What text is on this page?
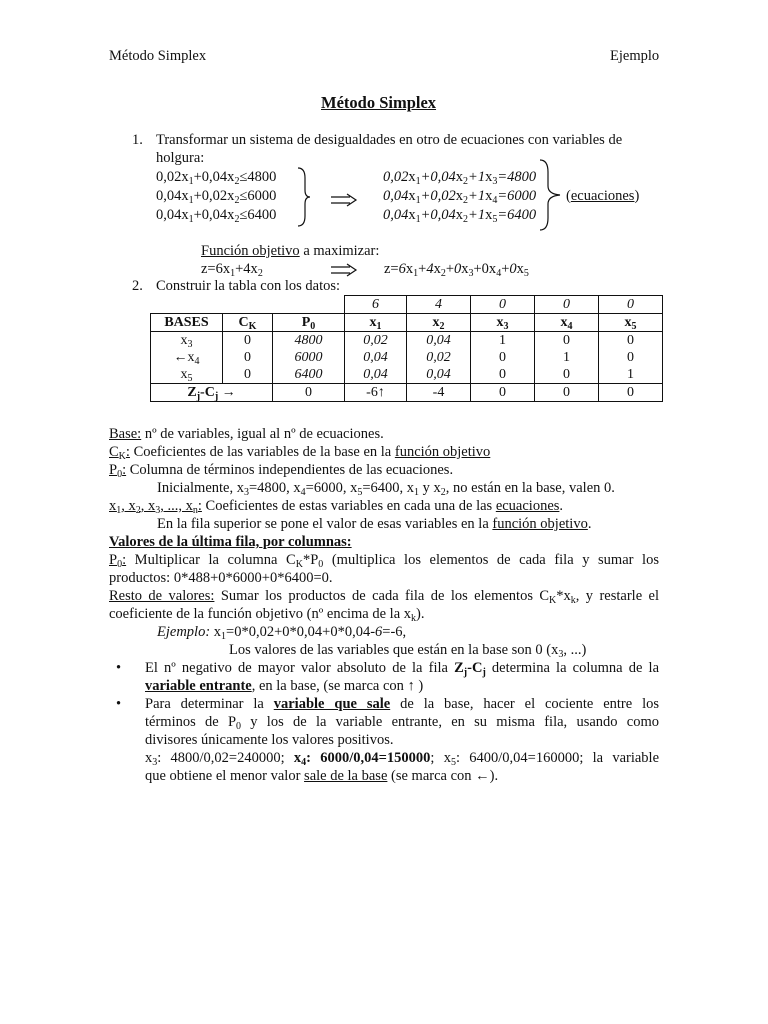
Método Simplex	Ejemplo
Método Simplex
1. Transformar un sistema de desigualdades en otro de ecuaciones con variables de
holgura:
$0,02x_1+0,04x_2\le 4800$
$0,04x_1+0,02x_2\le 6000$
$0,04x_1+0,04x_2\le 6400$
$0,02x_1+0,04x_2+1x_3=4800$
$0,04x_1+0,02x_2+1x_4=6000$
$0,04x_1+0,04x_2+1x_5=6400$
(ecuaciones)
Función objetivo a maximizar:
$z=6x_1+4x_2$	$z=6x_1+4x_2+0x_3+0x_4+0x_5$
2. Construir la tabla con los datos:
			6	4	0	0	0
BASES	$C_K$	$P_0$	$x_1$	$x_2$	$x_3$	$x_4$	$x_5$
$x_3$	0	4800	0,02	0,04	1	0	0
$\leftarrow x_4$	0	6000	0,04	0,02	0	1	0
$x_5$	0	6400	0,04	0,04	0	0	1
$Z_j-C_j$ →		0	-6↑	-4	0	0	0
Base: nº de variables, igual al nº de ecuaciones.
$C_K$: Coeficientes de las variables de la base en la función objetivo
$P_0$: Columna de términos independientes de las ecuaciones.
Inicialmente, $x_3=4800$, $x_4=6000$, $x_5=6400$, $x_1$ y $x_2$, no están en la base, valen 0.
$x_1$, $x_2$, $x_3$, ..., $x_n$: Coeficientes de estas variables en cada una de las ecuaciones.
En la fila superior se pone el valor de esas variables en la función objetivo.
Valores de la última fila, por columnas:
$P_0$: Multiplicar la columna $C_K*P_0$ (multiplica los elementos de cada fila y sumar los
productos: 0*488+0*6000+0*6400=0.
Resto de valores: Sumar los productos de cada fila de los elementos $C_K*x_k$, y restarle el
coeficiente de la función objetivo (nº encima de la $x_k$).
Ejemplo: $x_1=0*0,02+0*0,04+0*0,04-6=-6$,
Los valores de las variables que están en la base son 0 ($x_3$, ...)
• El nº negativo de mayor valor absoluto de la fila $Z_j-C_j$ determina la columna de la
variable entrante, en la base, (se marca con ↑ )
• Para determinar la variable que sale de la base, hacer el cociente entre los
términos de $P_0$ y los de la variable entrante, en su misma fila, usando como
divisores únicamente los valores positivos.
$x_3$: 4800/0,02=240000; $x_4$: 6000/0,04=150000; $x_5$: 6400/0,04=160000; la variable
que obtiene el menor valor sale de la base (se marca con ←).
